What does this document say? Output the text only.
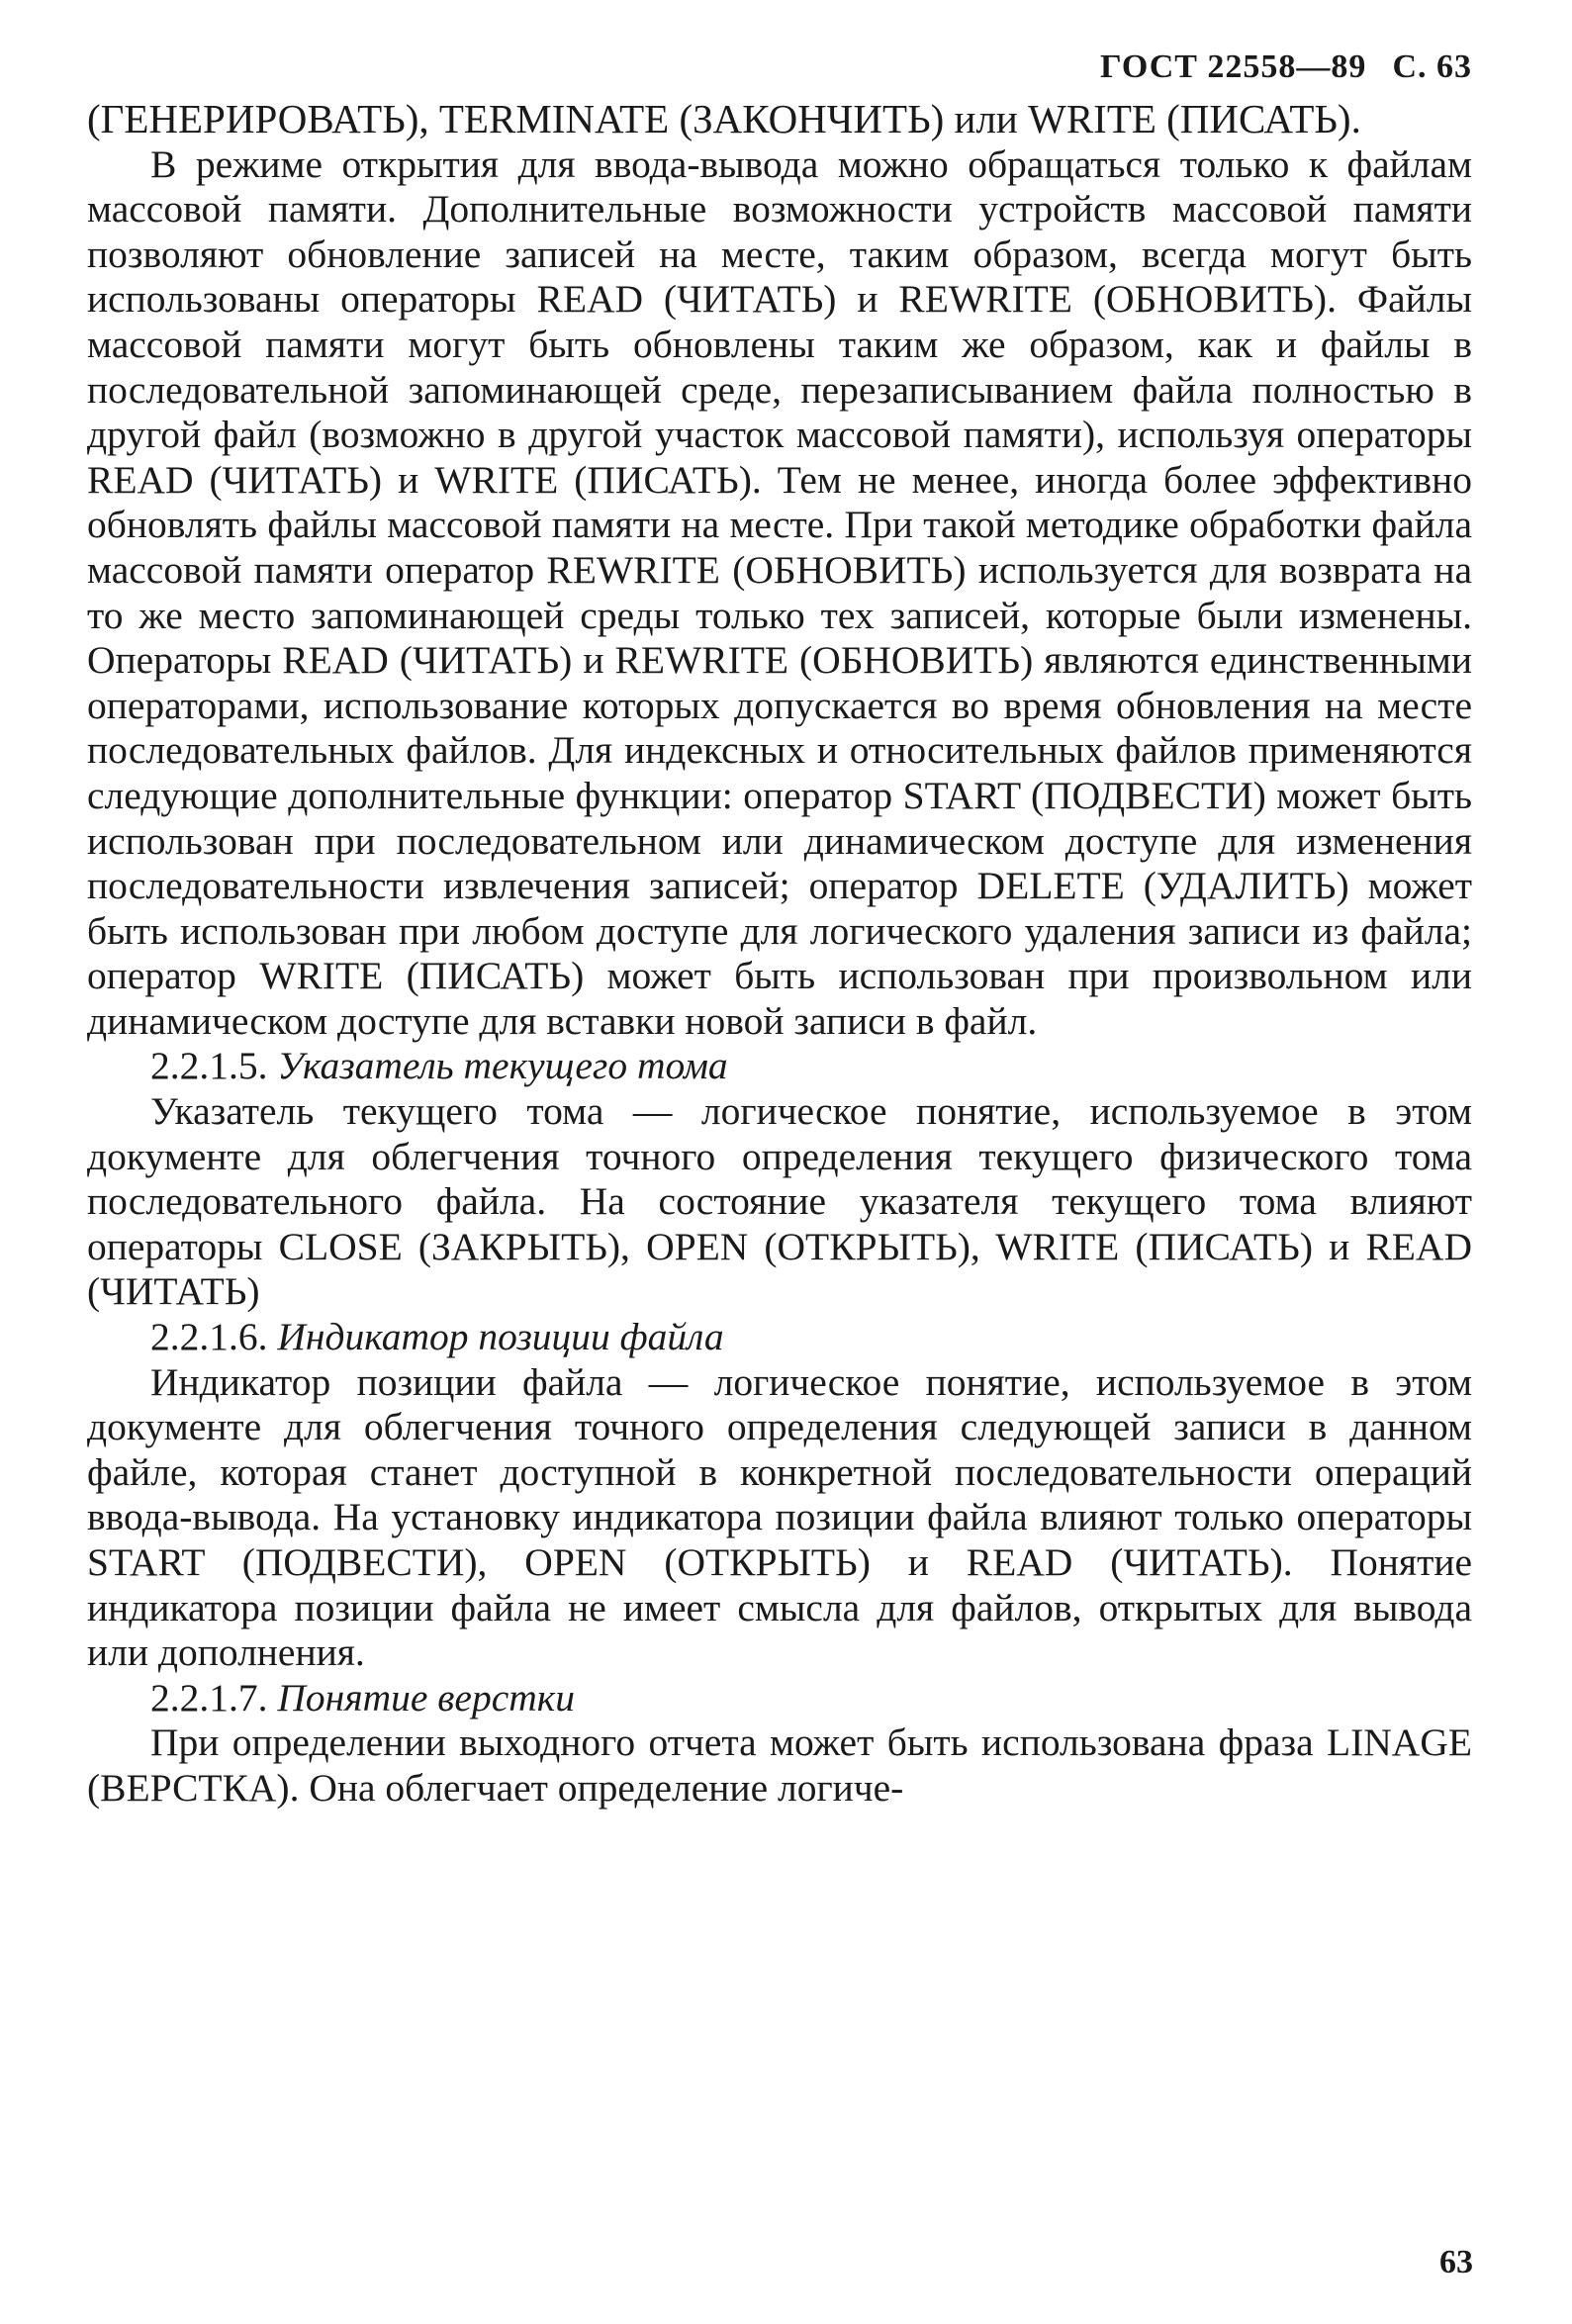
ГОСТ 22558—89 С. 63

(ГЕНЕРИРОВАТЬ), TERMINATE (ЗАКОНЧИТЬ) или WRITE (ПИСАТЬ).

В режиме открытия для ввода-вывода можно обращаться только к файлам массовой памяти. Дополнительные возможности устройств массовой памяти позволяют обновление записей на месте, таким образом, всегда могут быть использованы операторы READ (ЧИТАТЬ) и REWRITE (ОБНОВИТЬ). Файлы массовой памяти могут быть обновлены таким же образом, как и файлы в последовательной запоминающей среде, перезаписыванием файла полностью в другой файл (возможно в другой участок массовой памяти), используя операторы READ (ЧИТАТЬ) и WRITE (ПИСАТЬ). Тем не менее, иногда более эффективно обновлять файлы массовой памяти на месте. При такой методике обработки файла массовой памяти оператор REWRITE (ОБНОВИТЬ) используется для возврата на то же место запоминающей среды только тех записей, которые были изменены. Операторы READ (ЧИТАТЬ) и REWRITE (ОБНОВИТЬ) являются единственными операторами, использование которых допускается во время обновления на месте последовательных файлов. Для индексных и относительных файлов применяются следующие дополнительные функции: оператор START (ПОДВЕСТИ) может быть использован при последовательном или динамическом доступе для изменения последовательности извлечения записей; оператор DELETE (УДАЛИТЬ) может быть использован при любом доступе для логического удаления записи из файла; оператор WRITE (ПИСАТЬ) может быть использован при произвольном или динамическом доступе для вставки новой записи в файл.

2.2.1.5. Указатель текущего тома

Указатель текущего тома — логическое понятие, используемое в этом документе для облегчения точного определения текущего физического тома последовательного файла. На состояние указателя текущего тома влияют операторы CLOSE (ЗАКРЫТЬ), OPEN (ОТКРЫТЬ), WRITE (ПИСАТЬ) и READ (ЧИТАТЬ)

2.2.1.6. Индикатор позиции файла

Индикатор позиции файла — логическое понятие, используемое в этом документе для облегчения точного определения следующей записи в данном файле, которая станет доступной в конкретной последовательности операций ввода-вывода. На установку индикатора позиции файла влияют только операторы START (ПОДВЕСТИ), OPEN (ОТКРЫТЬ) и READ (ЧИТАТЬ). Понятие индикатора позиции файла не имеет смысла для файлов, открытых для вывода или дополнения.

2.2.1.7. Понятие верстки

При определении выходного отчета может быть использована фраза LINAGE (ВЕРСТКА). Она облегчает определение логиче-

63
